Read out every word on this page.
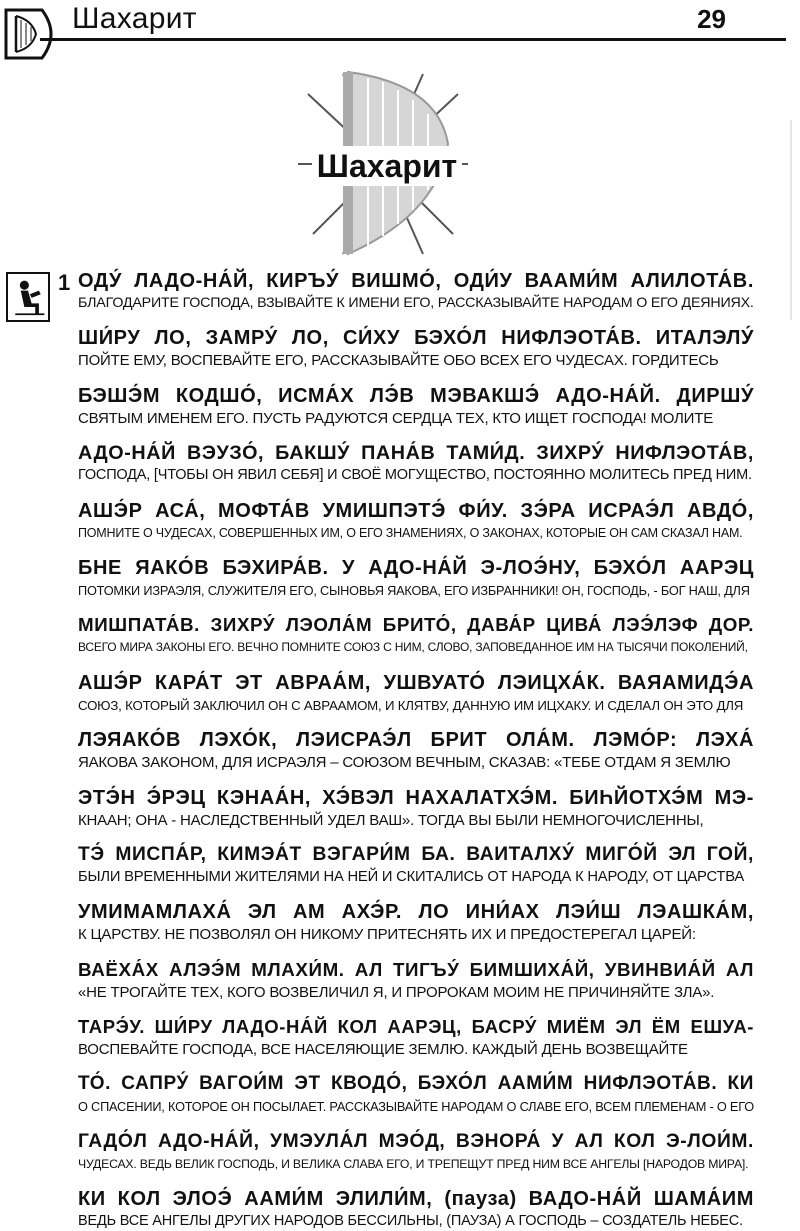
Шахарит	29
Шахарит
1 ОДУ́ ЛАДО-НА́Й, КИРЪУ́ ВИШМО́, ОДИ́У ВААМИ́М АЛИЛОТА́В.
БЛАГОДАРИТЕ ГОСПОДА, ВЗЫВАЙТЕ К ИМЕНИ ЕГО, РАССКАЗЫВАЙТЕ НАРОДАМ О ЕГО ДЕЯНИЯХ.
ШИ́РУ ЛО, ЗАМРУ́ ЛО, СИ́ХУ БЭХО́Л НИФЛЭОТА́В. ИТАЛЭЛУ́
ПОЙТЕ ЕМУ, ВОСПЕВАЙТЕ ЕГО, РАССКАЗЫВАЙТЕ ОБО ВСЕХ ЕГО ЧУДЕСАХ. ГОРДИТЕСЬ
БЭШЭ́М КОДШО́, ИСМА́Х ЛЭ́В МЭВАКШЭ́ АДО-НА́Й. ДИРШУ́
СВЯТЫМ ИМЕНЕМ ЕГО. ПУСТЬ РАДУЮТСЯ СЕРДЦА ТЕХ, КТО ИЩЕТ ГОСПОДА! МОЛИТЕ
АДО-НА́Й ВЭУЗО́, БАКШУ́ ПАНА́В ТАМИ́Д. ЗИХРУ́ НИФЛЭОТА́В,
ГОСПОДА, [ЧТОБЫ ОН ЯВИЛ СЕБЯ] И СВОЁ МОГУЩЕСТВО, ПОСТОЯННО МОЛИТЕСЬ ПРЕД НИМ.
АШЭ́Р АСА́, МОФТА́В УМИШПЭТЭ́ ФИ́У. ЗЭ́РА ИСРАЭ́Л АВДО́,
ПОМНИТЕ О ЧУДЕСАХ, СОВЕРШЕННЫХ ИМ, О ЕГО ЗНАМЕНИЯХ, О ЗАКОНАХ, КОТОРЫЕ ОН САМ СКАЗАЛ НАМ.
БНЕ ЯАКО́В БЭХИРА́В. У АДО-НА́Й Э-ЛОЭ́НУ, БЭХО́Л ААРЭЦ
ПОТОМКИ ИЗРАЭЛЯ, СЛУЖИТЕЛЯ ЕГО, СЫНОВЬЯ ЯАКОВА, ЕГО ИЗБРАННИКИ! ОН, ГОСПОДЬ, - БОГ НАШ, ДЛЯ
МИШПАТА́В. ЗИХРУ́ ЛЭОЛА́М БРИТО́, ДАВА́Р ЦИВА́ ЛЭЭ́ЛЭФ ДОР.
ВСЕГО МИРА ЗАКОНЫ ЕГО. ВЕЧНО ПОМНИТЕ СОЮЗ С НИМ, СЛОВО, ЗАПОВЕДАННОЕ ИМ НА ТЫСЯЧИ ПОКОЛЕНИЙ,
АШЭ́Р КАРА́Т ЭТ АВРАА́М, УШВУАТО́ ЛЭИЦХА́К. ВАЯАМИДЭ́А
СОЮЗ, КОТОРЫЙ ЗАКЛЮЧИЛ ОН С АВРААМОМ, И КЛЯТВУ, ДАННУЮ ИМ ИЦХАКУ. И СДЕЛАЛ ОН ЭТО ДЛЯ
ЛЭЯАКО́В ЛЭХО́К, ЛЭИСРАЭ́Л БРИТ ОЛА́М. ЛЭМО́Р: ЛЭХА́
ЯАКОВА ЗАКОНОМ, ДЛЯ ИСРАЭЛЯ – СОЮЗОМ ВЕЧНЫМ, СКАЗАВ: «ТЕБЕ ОТДАМ Я ЗЕМЛЮ
ЭТЭ́Н Э́РЭЦ КЭНАА́Н, ХЭ́ВЭЛ НАХАЛАТХЭ́М. БИҺЙОТХЭ́М МЭ-
КНААН; ОНА - НАСЛЕДСТВЕННЫЙ УДЕЛ ВАШ». ТОГДА ВЫ БЫЛИ НЕМНОГОЧИСЛЕННЫ,
ТЭ́ МИСПА́Р, КИМЭА́Т ВЭГАРИ́М БА. ВАИТАЛХУ́ МИГО́Й ЭЛ ГОЙ,
БЫЛИ ВРЕМЕННЫМИ ЖИТЕЛЯМИ НА НЕЙ И СКИТАЛИСЬ ОТ НАРОДА К НАРОДУ, ОТ ЦАРСТВА
УМИМАМЛАХА́ ЭЛ АМ АХЭ́Р. ЛО ИНИ́АХ ЛЭИ́Ш ЛЭАШКА́М,
К ЦАРСТВУ. НЕ ПОЗВОЛЯЛ ОН НИКОМУ ПРИТЕСНЯТЬ ИХ И ПРЕДОСТЕРЕГАЛ ЦАРЕЙ:
ВАЁХА́Х АЛЭЭ́М МЛАХИ́М. АЛ ТИГЪУ́ БИМШИХА́Й, УВИНВИА́Й АЛ
«НЕ ТРОГАЙТЕ ТЕХ, КОГО ВОЗВЕЛИЧИЛ Я, И ПРОРОКАМ МОИМ НЕ ПРИЧИНЯЙТЕ ЗЛА».
ТАРЭ́У. ШИ́РУ ЛАДО-НА́Й КОЛ ААРЭЦ, БАСРУ́ МИЁМ ЭЛ ЁМ ЕШУА-
ВОСПЕВАЙТЕ ГОСПОДА, ВСЕ НАСЕЛЯЮЩИЕ ЗЕМЛЮ. КАЖДЫЙ ДЕНЬ ВОЗВЕЩАЙТЕ
ТО́. САПРУ́ ВАГОИ́М ЭТ КВОДО́, БЭХО́Л ААМИ́М НИФЛЭОТА́В. КИ
О СПАСЕНИИ, КОТОРОЕ ОН ПОСЫЛАЕТ. РАССКАЗЫВАЙТЕ НАРОДАМ О СЛАВЕ ЕГО, ВСЕМ ПЛЕМЕНАМ - О ЕГО
ГАДО́Л АДО-НА́Й, УМЭУЛА́Л МЭО́Д, ВЭНОРА́ У АЛ КОЛ Э-ЛОИ́М.
ЧУДЕСАХ. ВЕДЬ ВЕЛИК ГОСПОДЬ, И ВЕЛИКА СЛАВА ЕГО, И ТРЕПЕЩУТ ПРЕД НИМ ВСЕ АНГЕЛЫ [НАРОДОВ МИРА].
КИ КОЛ ЭЛОЭ́ ААМИ́М ЭЛИЛИ́М, (пауза) ВАДО-НА́Й ШАМА́ИМ
ВЕДЬ ВСЕ АНГЕЛЫ ДРУГИХ НАРОДОВ БЕССИЛЬНЫ, (ПАУЗА) А ГОСПОДЬ – СОЗДАТЕЛЬ НЕБЕС.
